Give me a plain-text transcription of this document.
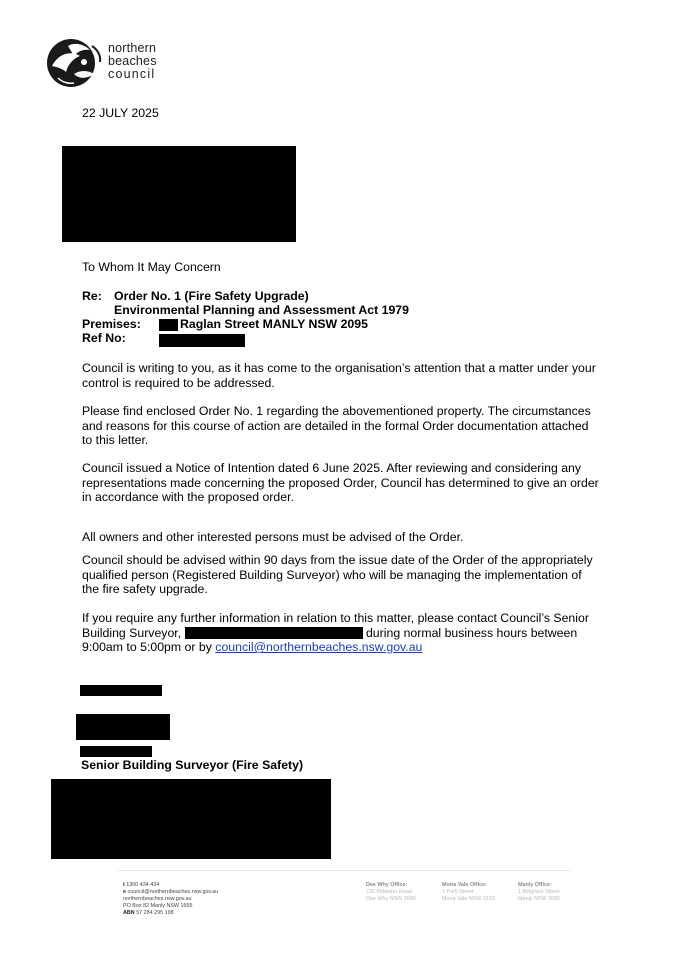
northern
beaches
council
22 JULY 2025
To Whom It May Concern
Re: Order No. 1 (Fire Safety Upgrade)
Environmental Planning and Assessment Act 1979
Premises:	Raglan Street MANLY NSW 2095
Ref No:
Council is writing to you, as it has come to the organisation’s attention that a matter under your control is required to be addressed.
Please find enclosed Order No. 1 regarding the abovementioned property. The circumstances and reasons for this course of action are detailed in the formal Order documentation attached to this letter.
Council issued a Notice of Intention dated 6 June 2025. After reviewing and considering any representations made concerning the proposed Order, Council has determined to give an order in accordance with the proposed order.
All owners and other interested persons must be advised of the Order.
Council should be advised within 90 days from the issue date of the Order of the appropriately qualified person (Registered Building Surveyor) who will be managing the implementation of the fire safety upgrade.
If you require any further information in relation to this matter, please contact Council’s Senior Building Surveyor,	during normal business hours between 9:00am to 5:00pm or by council@northernbeaches.nsw.gov.au
Senior Building Surveyor (Fire Safety)
t 1300 434 434
e council@northernbeaches.nsw.gov.au
northernbeaches.nsw.gov.au
PO Box 82 Manly NSW 1655
ABN 57 284 295 198
Dee Why Office:
725 Pittwater Road
Dee Why NSW 2099
Mona Vale Office:
1 Park Street
Mona Vale NSW 2103
Manly Office:
1 Belgrave Street
Manly NSW 2095
